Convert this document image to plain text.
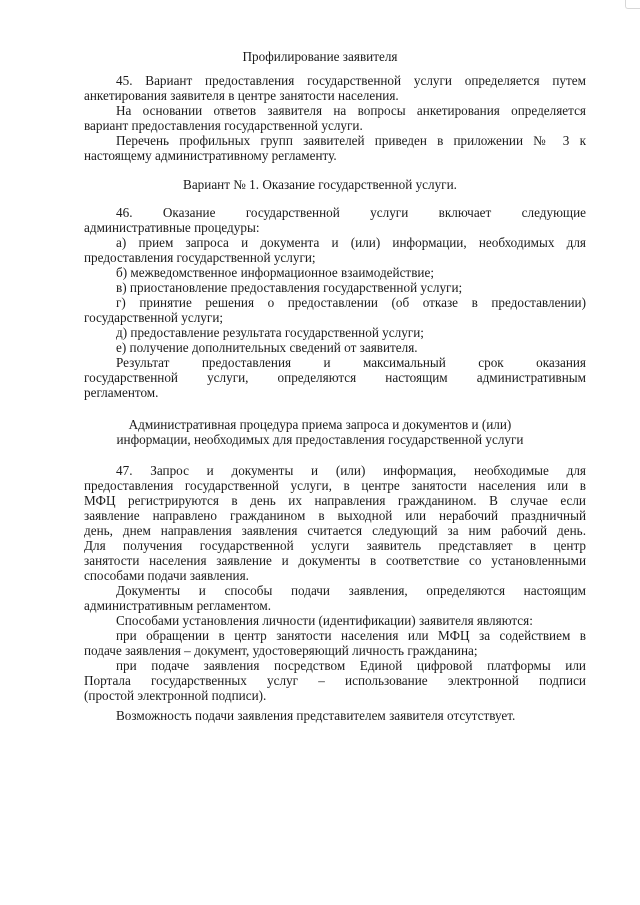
Профилирование заявителя
45. Вариант предоставления государственной услуги определяется путем
анкетирования заявителя в центре занятости населения.
На основании ответов заявителя на вопросы анкетирования определяется
вариант предоставления государственной услуги.
Перечень профильных групп заявителей приведен в приложении № 3 к
настоящему административному регламенту.
Вариант № 1. Оказание государственной услуги.
46. Оказание государственной услуги включает следующие
административные процедуры:
а) прием запроса и документа и (или) информации, необходимых для
предоставления государственной услуги;
б) межведомственное информационное взаимодействие;
в) приостановление предоставления государственной услуги;
г) принятие решения о предоставлении (об отказе в предоставлении)
государственной услуги;
д) предоставление результата государственной услуги;
е) получение дополнительных сведений от заявителя.
Результат предоставления и максимальный срок оказания
государственной услуги, определяются настоящим административным
регламентом.
Административная процедура приема запроса и документов и (или)
информации, необходимых для предоставления государственной услуги
47. Запрос и документы и (или) информация, необходимые для
предоставления государственной услуги, в центре занятости населения или в
МФЦ регистрируются в день их направления гражданином. В случае если
заявление направлено гражданином в выходной или нерабочий праздничный
день, днем направления заявления считается следующий за ним рабочий день.
Для получения государственной услуги заявитель представляет в центр
занятости населения заявление и документы в соответствие со установленными
способами подачи заявления.
Документы и способы подачи заявления, определяются настоящим
административным регламентом.
Способами установления личности (идентификации) заявителя являются:
при обращении в центр занятости населения или МФЦ за содействием в
подаче заявления – документ, удостоверяющий личность гражданина;
при подаче заявления посредством Единой цифровой платформы или
Портала государственных услуг – использование электронной подписи
(простой электронной подписи).
Возможность подачи заявления представителем заявителя отсутствует.
